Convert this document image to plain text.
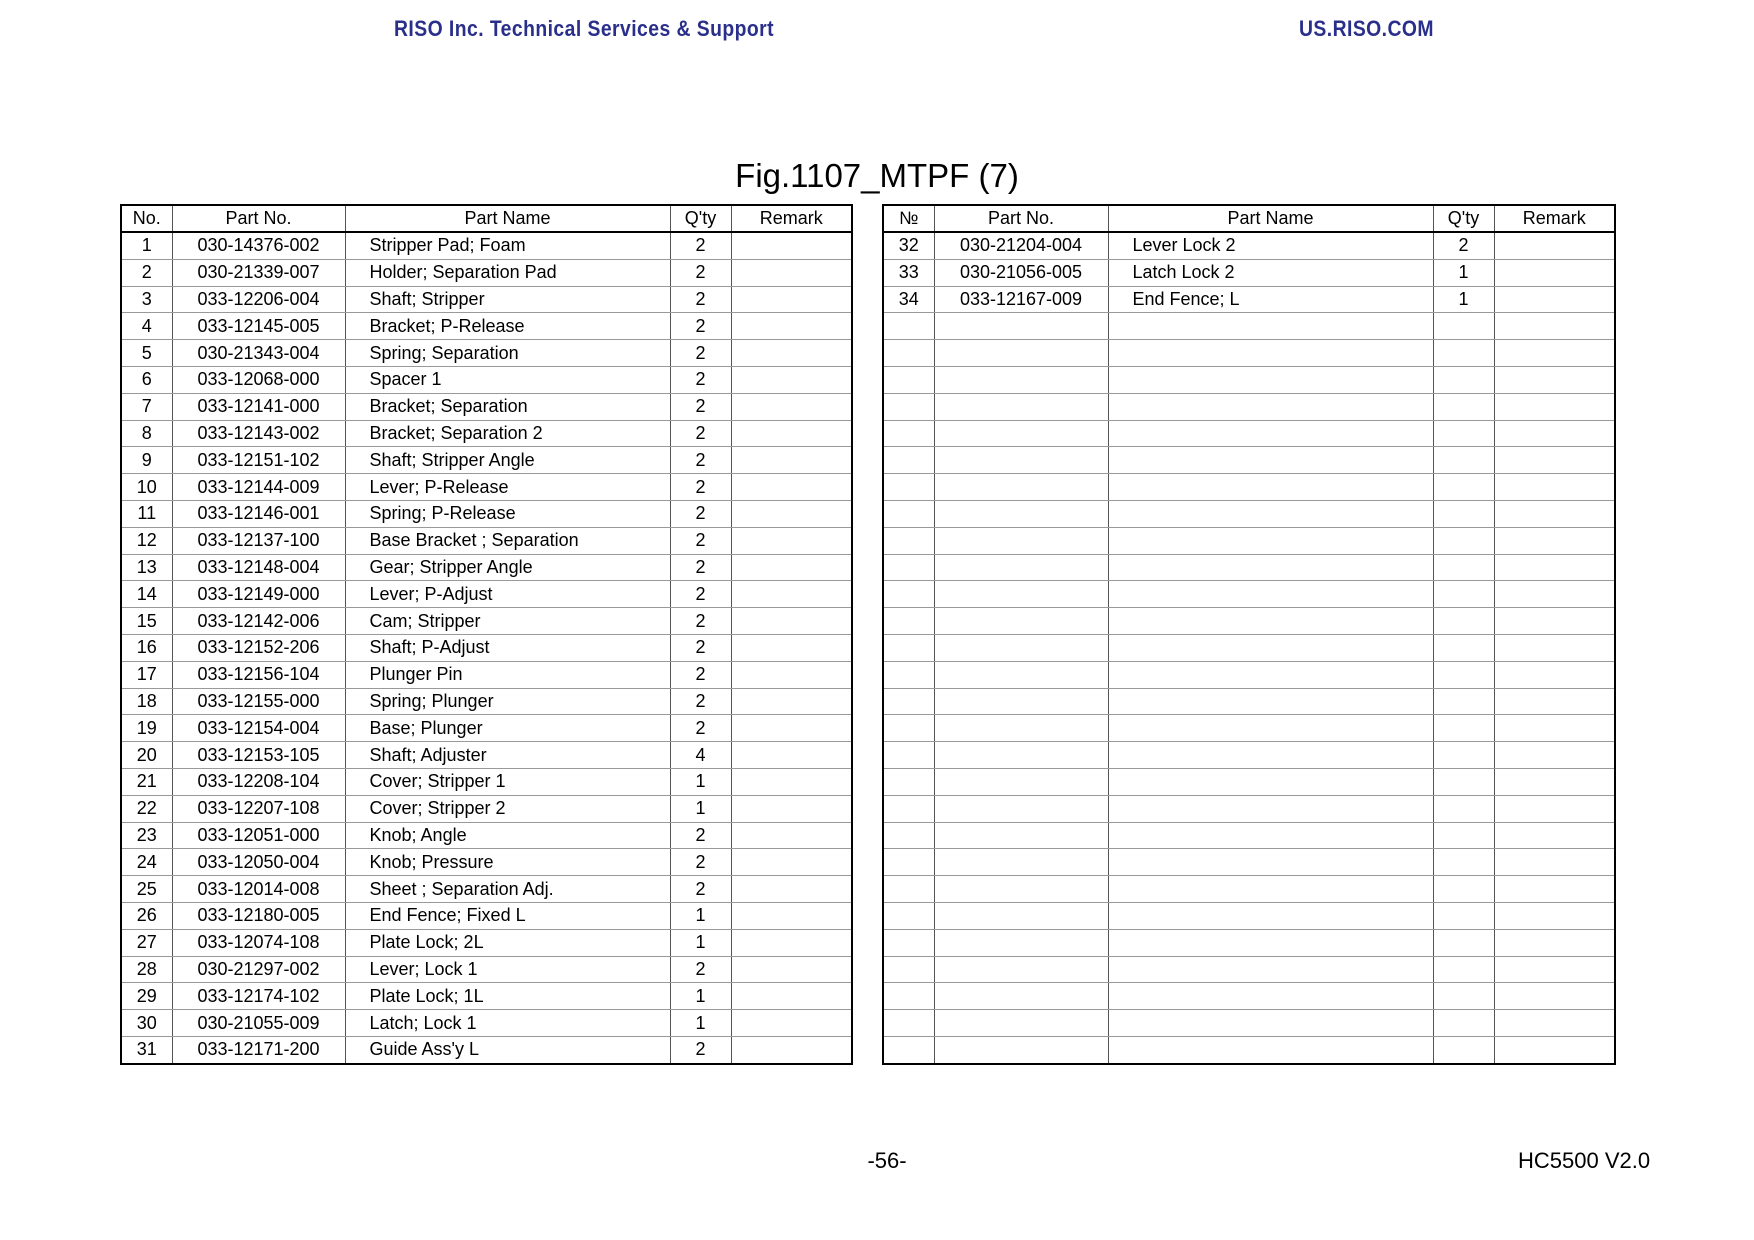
RISO Inc. Technical Services & Support	US.RISO.COM
Fig.1107_MTPF (7)
No.	Part No.	Part Name	Q'ty	Remark
1	030-14376-002	Stripper Pad; Foam	2	
2	030-21339-007	Holder; Separation Pad	2	
3	033-12206-004	Shaft; Stripper	2	
4	033-12145-005	Bracket; P-Release	2	
5	030-21343-004	Spring; Separation	2	
6	033-12068-000	Spacer 1	2	
7	033-12141-000	Bracket; Separation	2	
8	033-12143-002	Bracket; Separation 2	2	
9	033-12151-102	Shaft; Stripper Angle	2	
10	033-12144-009	Lever; P-Release	2	
11	033-12146-001	Spring; P-Release	2	
12	033-12137-100	Base Bracket ; Separation	2	
13	033-12148-004	Gear; Stripper Angle	2	
14	033-12149-000	Lever; P-Adjust	2	
15	033-12142-006	Cam; Stripper	2	
16	033-12152-206	Shaft; P-Adjust	2	
17	033-12156-104	Plunger Pin	2	
18	033-12155-000	Spring; Plunger	2	
19	033-12154-004	Base; Plunger	2	
20	033-12153-105	Shaft; Adjuster	4	
21	033-12208-104	Cover; Stripper 1	1	
22	033-12207-108	Cover; Stripper 2	1	
23	033-12051-000	Knob; Angle	2	
24	033-12050-004	Knob; Pressure	2	
25	033-12014-008	Sheet ; Separation Adj.	2	
26	033-12180-005	End Fence; Fixed L	1	
27	033-12074-108	Plate Lock; 2L	1	
28	030-21297-002	Lever; Lock 1	2	
29	033-12174-102	Plate Lock; 1L	1	
30	030-21055-009	Latch; Lock 1	1	
31	033-12171-200	Guide Ass'y L	2	
№	Part No.	Part Name	Q'ty	Remark
32	030-21204-004	Lever Lock 2	2	
33	030-21056-005	Latch Lock 2	1	
34	033-12167-009	End Fence; L	1	

-56-	HC5500 V2.0
